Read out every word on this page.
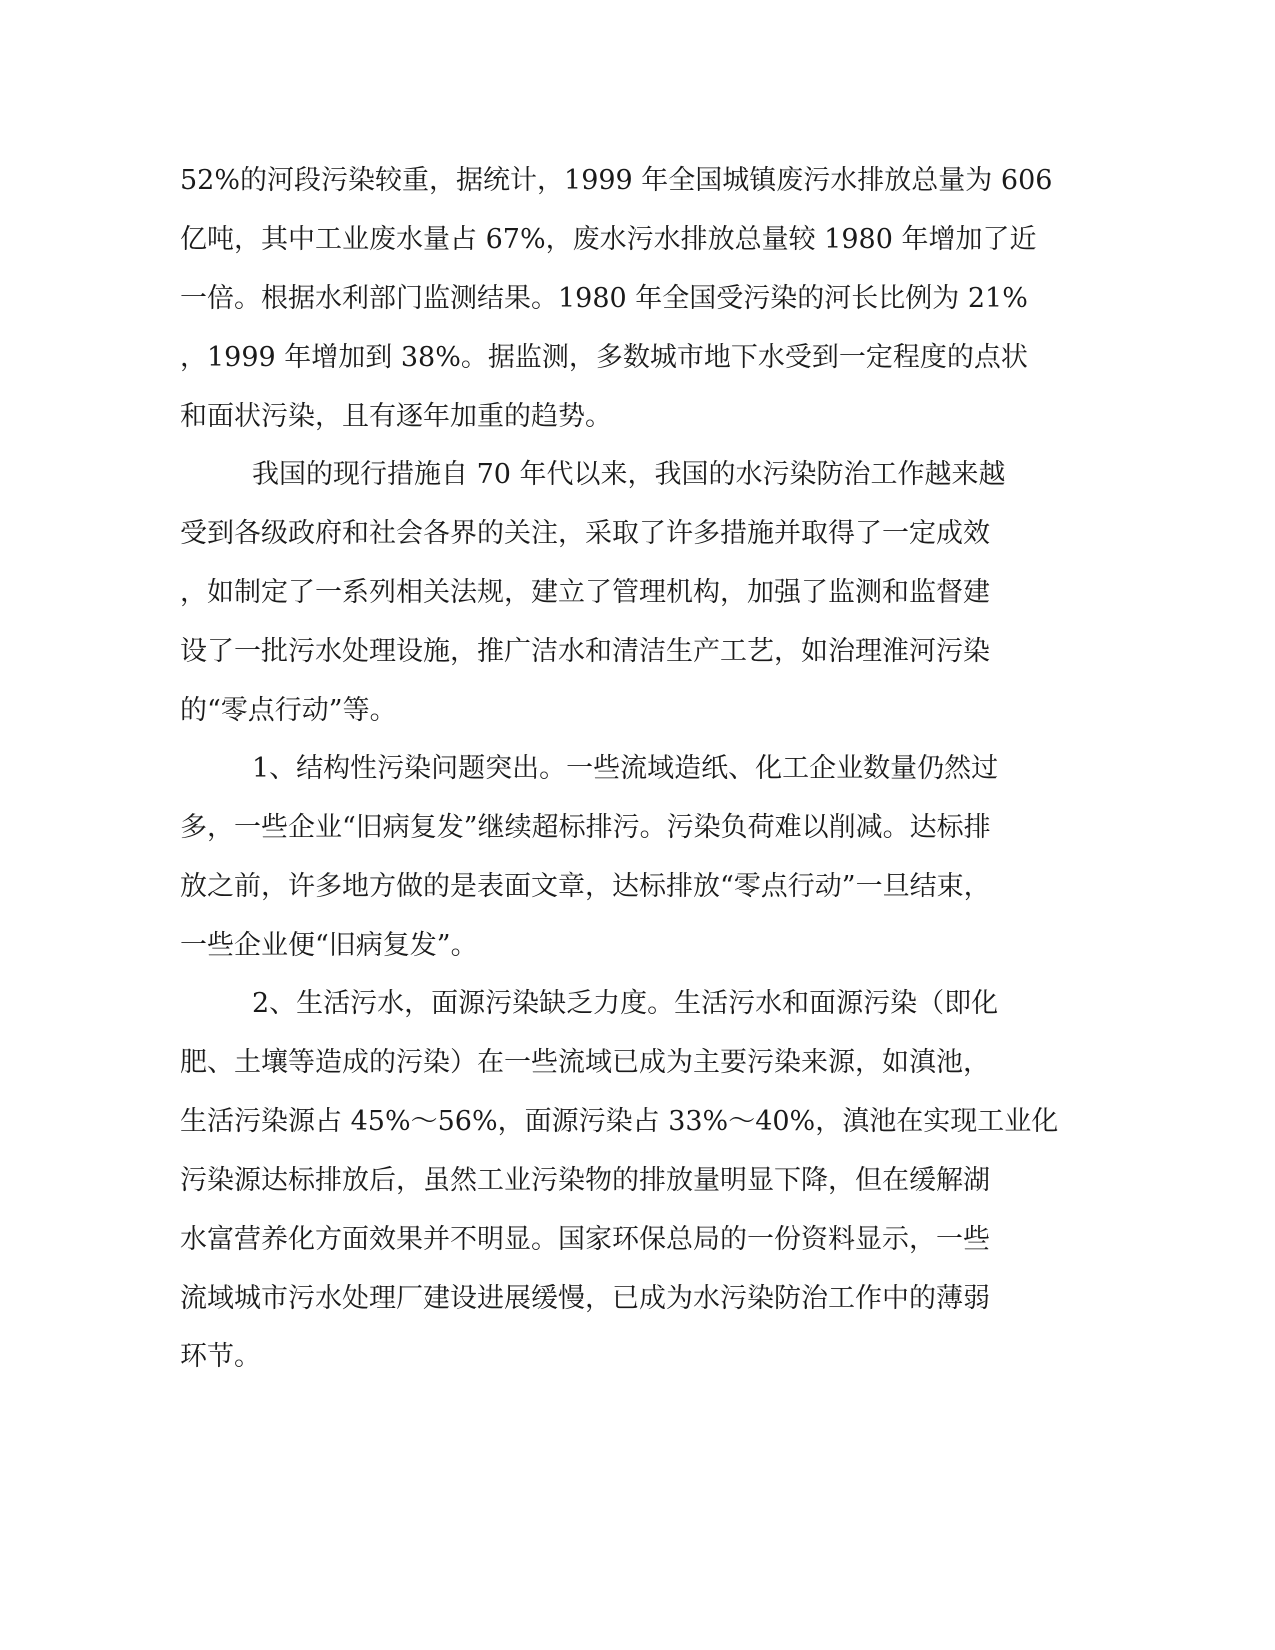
52%的河段污染较重，据统计，1999 年全国城镇废污水排放总量为 606

亿吨，其中工业废水量占 67%，废水污水排放总量较 1980 年增加了近

一倍。根据水利部门监测结果。1980 年全国受污染的河长比例为 21%

，1999 年增加到 38%。据监测，多数城市地下水受到一定程度的点状

和面状污染，且有逐年加重的趋势。

我国的现行措施自 70 年代以来，我国的水污染防治工作越来越

受到各级政府和社会各界的关注，采取了许多措施并取得了一定成效

，如制定了一系列相关法规，建立了管理机构，加强了监测和监督建

设了一批污水处理设施，推广洁水和清洁生产工艺，如治理淮河污染

的“零点行动”等。

1、结构性污染问题突出。一些流域造纸、化工企业数量仍然过

多，一些企业“旧病复发”继续超标排污。污染负荷难以削减。达标排

放之前，许多地方做的是表面文章，达标排放“零点行动”一旦结束，

一些企业便“旧病复发”。

2、生活污水，面源污染缺乏力度。生活污水和面源污染（即化

肥、土壤等造成的污染）在一些流域已成为主要污染来源，如滇池，

生活污染源占 45%～56%，面源污染占 33%～40%，滇池在实现工业化

污染源达标排放后，虽然工业污染物的排放量明显下降，但在缓解湖

水富营养化方面效果并不明显。国家环保总局的一份资料显示，一些

流域城市污水处理厂建设进展缓慢，已成为水污染防治工作中的薄弱

环节。
